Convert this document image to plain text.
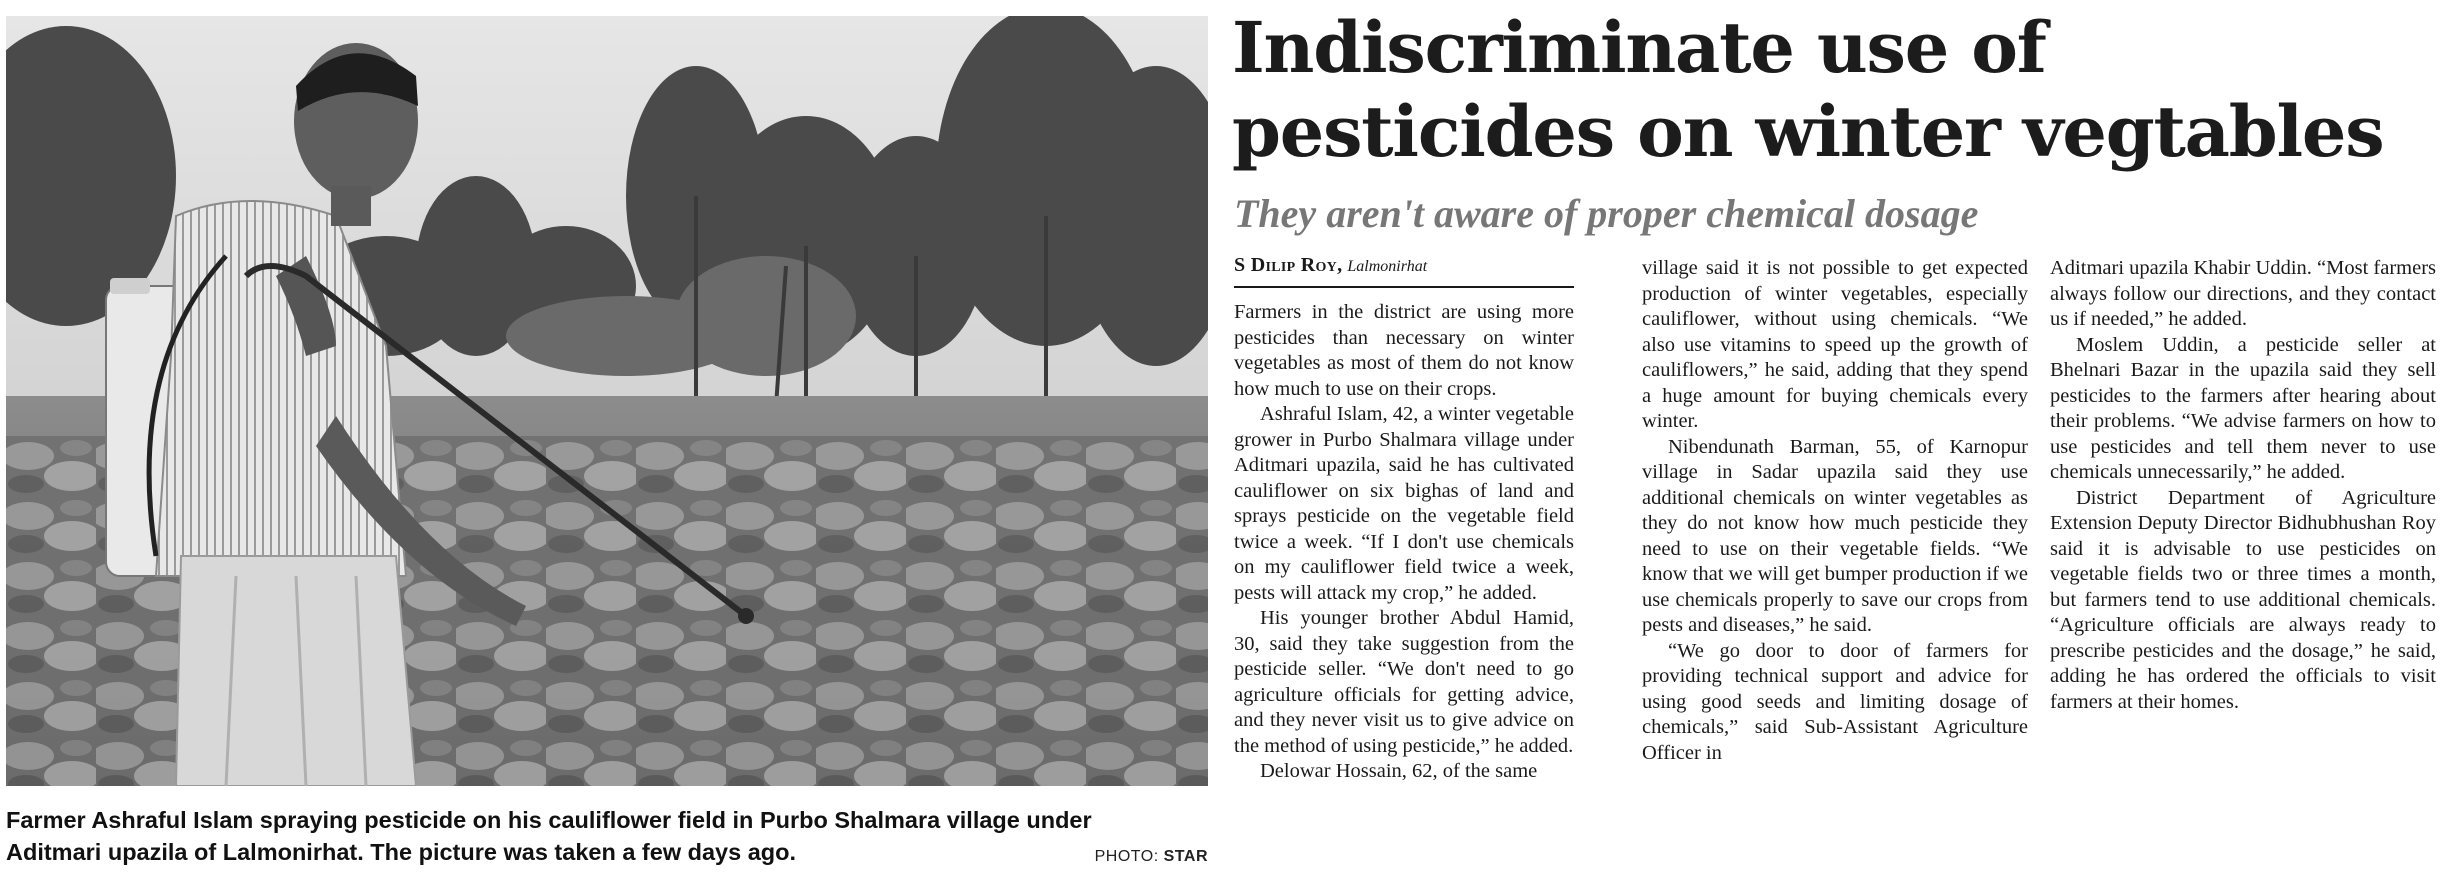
Farmer Ashraful Islam spraying pesticide on his cauliflower field in Purbo Shalmara village under Aditmari upazila of Lalmonirhat. The picture was taken a few days ago.	PHOTO: STAR
Indiscriminate use of pesticides on winter vegtables
They aren't aware of proper chemical dosage
S Dilip Roy, Lalmonirhat

Farmers in the district are using more pesticides than necessary on winter vegetables as most of them do not know how much to use on their crops.

Ashraful Islam, 42, a winter vegetable grower in Purbo Shalmara village under Aditmari upazila, said he has cultivated cauliflower on six bighas of land and sprays pesticide on the vegetable field twice a week. “If I don't use chemicals on my cauliflower field twice a week, pests will attack my crop,” he added.

His younger brother Abdul Hamid, 30, said they take suggestion from the pesticide seller. “We don't need to go agriculture officials for getting advice, and they never visit us to give advice on the method of using pesticide,” he added.

Delowar Hossain, 62, of the same

village said it is not possible to get expected production of winter vegetables, especially cauliflower, without using chemicals. “We also use vitamins to speed up the growth of cauliflowers,” he said, adding that they spend a huge amount for buying chemicals every winter.

Nibendunath Barman, 55, of Karnopur village in Sadar upazila said they use additional chemicals on winter vegetables as they do not know how much pesticide they need to use on their vegetable fields. “We know that we will get bumper production if we use chemicals properly to save our crops from pests and diseases,” he said.

“We go door to door of farmers for providing technical support and advice for using good seeds and limiting dosage of chemicals,” said Sub-Assistant Agriculture Officer in

Aditmari upazila Khabir Uddin. “Most farmers always follow our directions, and they contact us if needed,” he added.

Moslem Uddin, a pesticide seller at Bhelnari Bazar in the upazila said they sell pesticides to the farmers after hearing about their problems. “We advise farmers on how to use pesticides and tell them never to use chemicals unnecessarily,” he added.

District Department of Agriculture Extension Deputy Director Bidhubhushan Roy said it is advisable to use pesticides on vegetable fields two or three times a month, but farmers tend to use additional chemicals. “Agriculture officials are always ready to prescribe pesticides and the dosage,” he said, adding he has ordered the officials to visit farmers at their homes.
